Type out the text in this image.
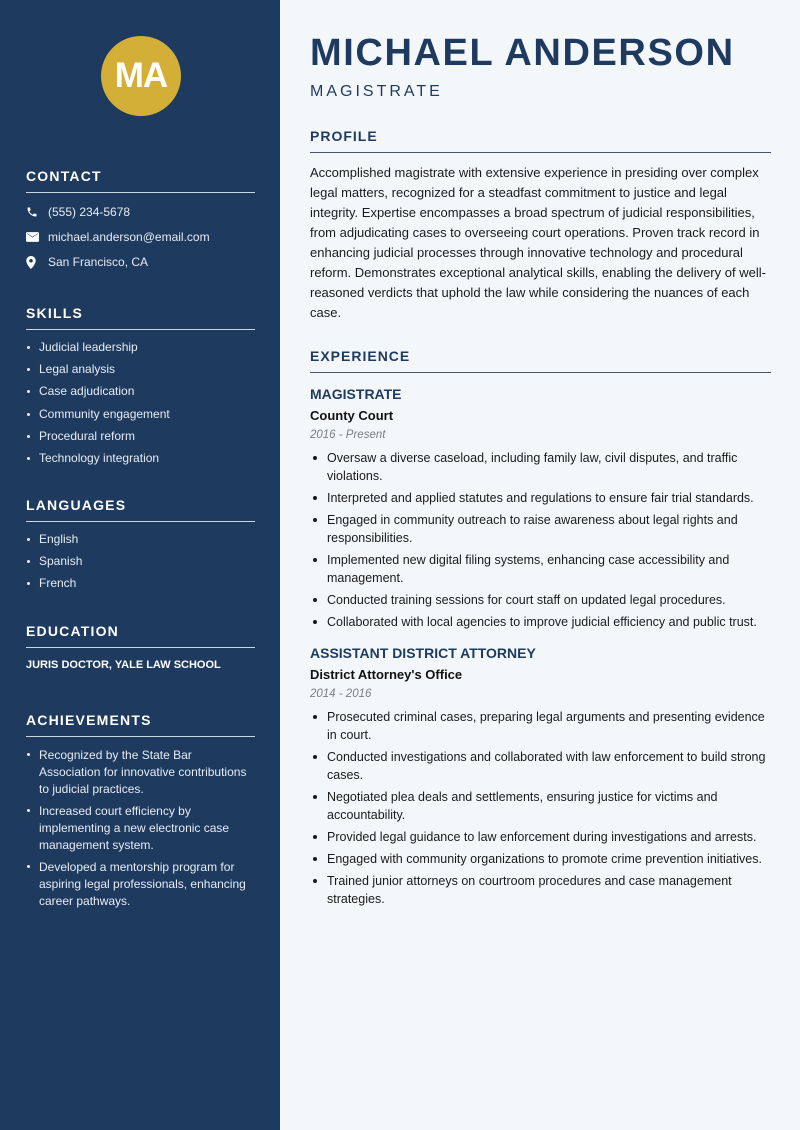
MA
CONTACT
(555) 234-5678
michael.anderson@email.com
San Francisco, CA
SKILLS
Judicial leadership
Legal analysis
Case adjudication
Community engagement
Procedural reform
Technology integration
LANGUAGES
English
Spanish
French
EDUCATION
JURIS DOCTOR, YALE LAW SCHOOL
ACHIEVEMENTS
Recognized by the State Bar Association for innovative contributions to judicial practices.
Increased court efficiency by implementing a new electronic case management system.
Developed a mentorship program for aspiring legal professionals, enhancing career pathways.
MICHAEL ANDERSON
MAGISTRATE
PROFILE

Accomplished magistrate with extensive experience in presiding over complex legal matters, recognized for a steadfast commitment to justice and legal integrity. Expertise encompasses a broad spectrum of judicial responsibilities, from adjudicating cases to overseeing court operations. Proven track record in enhancing judicial processes through innovative technology and procedural reform. Demonstrates exceptional analytical skills, enabling the delivery of well-reasoned verdicts that uphold the law while considering the nuances of each case.

EXPERIENCE
MAGISTRATE
County Court
2016 - Present
Oversaw a diverse caseload, including family law, civil disputes, and traffic violations.
Interpreted and applied statutes and regulations to ensure fair trial standards.
Engaged in community outreach to raise awareness about legal rights and responsibilities.
Implemented new digital filing systems, enhancing case accessibility and management.
Conducted training sessions for court staff on updated legal procedures.
Collaborated with local agencies to improve judicial efficiency and public trust.
ASSISTANT DISTRICT ATTORNEY
District Attorney's Office
2014 - 2016
Prosecuted criminal cases, preparing legal arguments and presenting evidence in court.
Conducted investigations and collaborated with law enforcement to build strong cases.
Negotiated plea deals and settlements, ensuring justice for victims and accountability.
Provided legal guidance to law enforcement during investigations and arrests.
Engaged with community organizations to promote crime prevention initiatives.
Trained junior attorneys on courtroom procedures and case management strategies.
